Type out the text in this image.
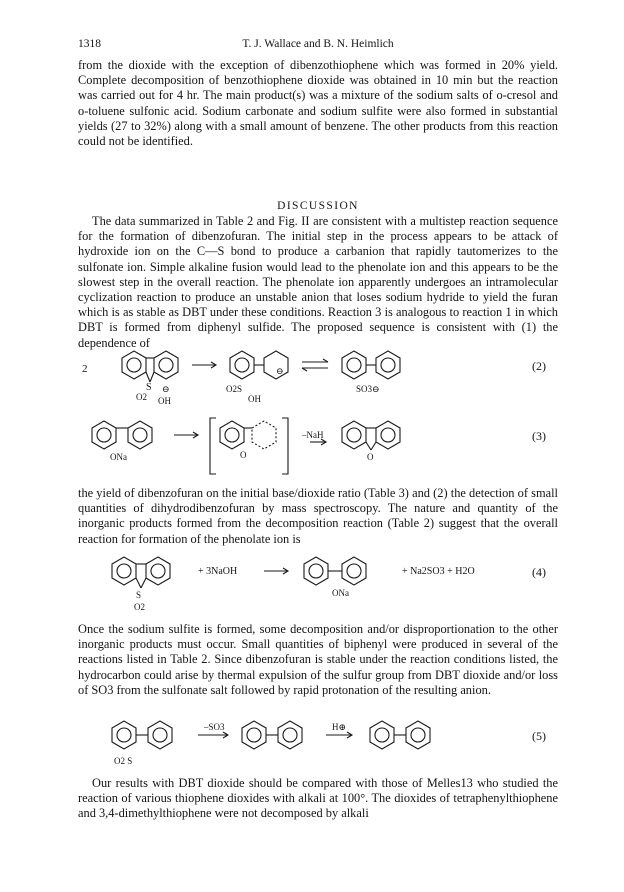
1318	T. J. Wallace and B. N. Heimlich

from the dioxide with the exception of dibenzothiophene which was formed in 20% yield. Complete decomposition of benzothiophene dioxide was obtained in 10 min but the reaction was carried out for 4 hr. The main product(s) was a mixture of the sodium salts of o-cresol and o-toluene sulfonic acid. Sodium carbonate and sodium sulfite were also formed in substantial yields (27 to 32%) along with a small amount of benzene. The other products from this reaction could not be identified.

DISCUSSION

The data summarized in Table 2 and Fig. II are consistent with a multistep reaction sequence for the formation of dibenzofuran. The initial step in the process appears to be attack of hydroxide ion on the C—S bond to produce a carbanion that rapidly tautomerizes to the sulfonate ion. Simple alkaline fusion would lead to the phenolate ion and this appears to be the slowest step in the overall reaction. The phenolate ion apparently undergoes an intramolecular cyclization reaction to produce an unstable anion that loses sodium hydride to yield the furan which is as stable as DBT under these conditions. Reaction 3 is analogous to reaction 1 in which DBT is formed from diphenyl sulfide. The proposed sequence is consistent with (1) the dependence of

2
S
O2
⊖
OH
⊖
O2S
OH
SO3⊖
(2)
ONa	O
–NaH
O
(3)

the yield of dibenzofuran on the initial base/dioxide ratio (Table 3) and (2) the detection of small quantities of dihydrodibenzofuran by mass spectroscopy. The nature and quantity of the inorganic products formed from the decomposition reaction (Table 2) suggest that the overall reaction for formation of the phenolate ion is

S
O2
+ 3NaOH
ONa
+ Na2SO3 + H2O	(4)

Once the sodium sulfite is formed, some decomposition and/or disproportionation to the other inorganic products must occur. Small quantities of biphenyl were produced in several of the reactions listed in Table 2. Since dibenzofuran is stable under the reaction conditions listed, the hydrocarbon could arise by thermal expulsion of the sulfur group from DBT dioxide and/or loss of SO3 from the sulfonate salt followed by rapid protonation of the resulting anion.

O2 S
–SO3	H⊕
(5)

Our results with DBT dioxide should be compared with those of Melles13 who studied the reaction of various thiophene dioxides with alkali at 100°. The dioxides of tetraphenylthiophene and 3,4-dimethylthiophene were not decomposed by alkali
